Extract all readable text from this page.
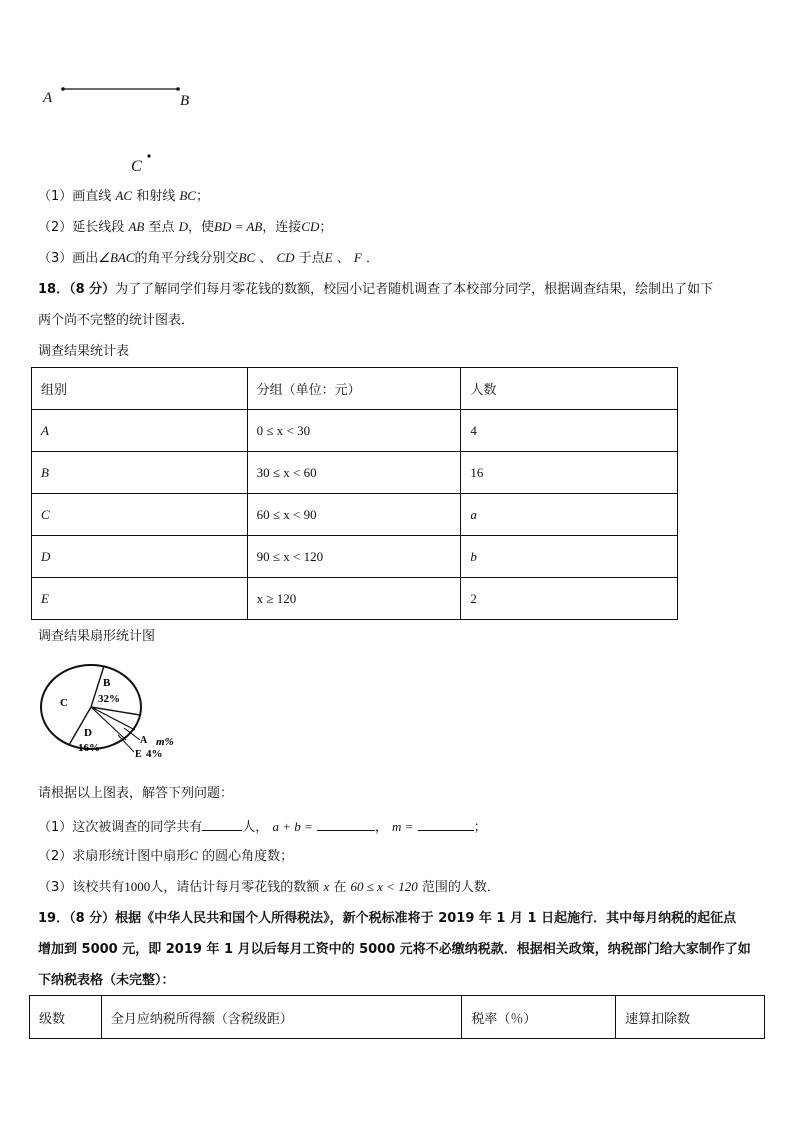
A	B
C
（1）画直线 AC 和射线 BC；
（2）延长线段 AB 至点 D，使BD = AB，连接CD；
（3）画出∠BAC的角平分线分别交BC 、 CD 于点E 、 F ．
18．（8 分）为了了解同学们每月零花钱的数额，校园小记者随机调查了本校部分同学，根据调查结果，绘制出了如下
两个尚不完整的统计图表．
调查结果统计表
组别	分组（单位：元）	人数
A	0 ≤ x < 30	4
B	30 ≤ x < 60	16
C	60 ≤ x < 90	a
D	90 ≤ x < 120	b
E	x ≥ 120	2
调查结果扇形统计图
C
B
32%
D
16%
A m%
E 4%
请根据以上图表，解答下列问题：
（1）这次被调查的同学共有	人， a + b =	， m =	；
（2）求扇形统计图中扇形C 的圆心角度数；
（3）该校共有1000人，请估计每月零花钱的数额 x 在 60 ≤ x < 120 范围的人数．
19．（8 分）根据《中华人民共和国个人所得税法》，新个税标准将于 2019 年 1 月 1 日起施行．其中每月纳税的起征点
增加到 5000 元，即 2019 年 1 月以后每月工资中的 5000 元将不必缴纳税款．根据相关政策，纳税部门给大家制作了如
下纳税表格（未完整）：
级数	全月应纳税所得额（含税级距）	税率（％）	速算扣除数
